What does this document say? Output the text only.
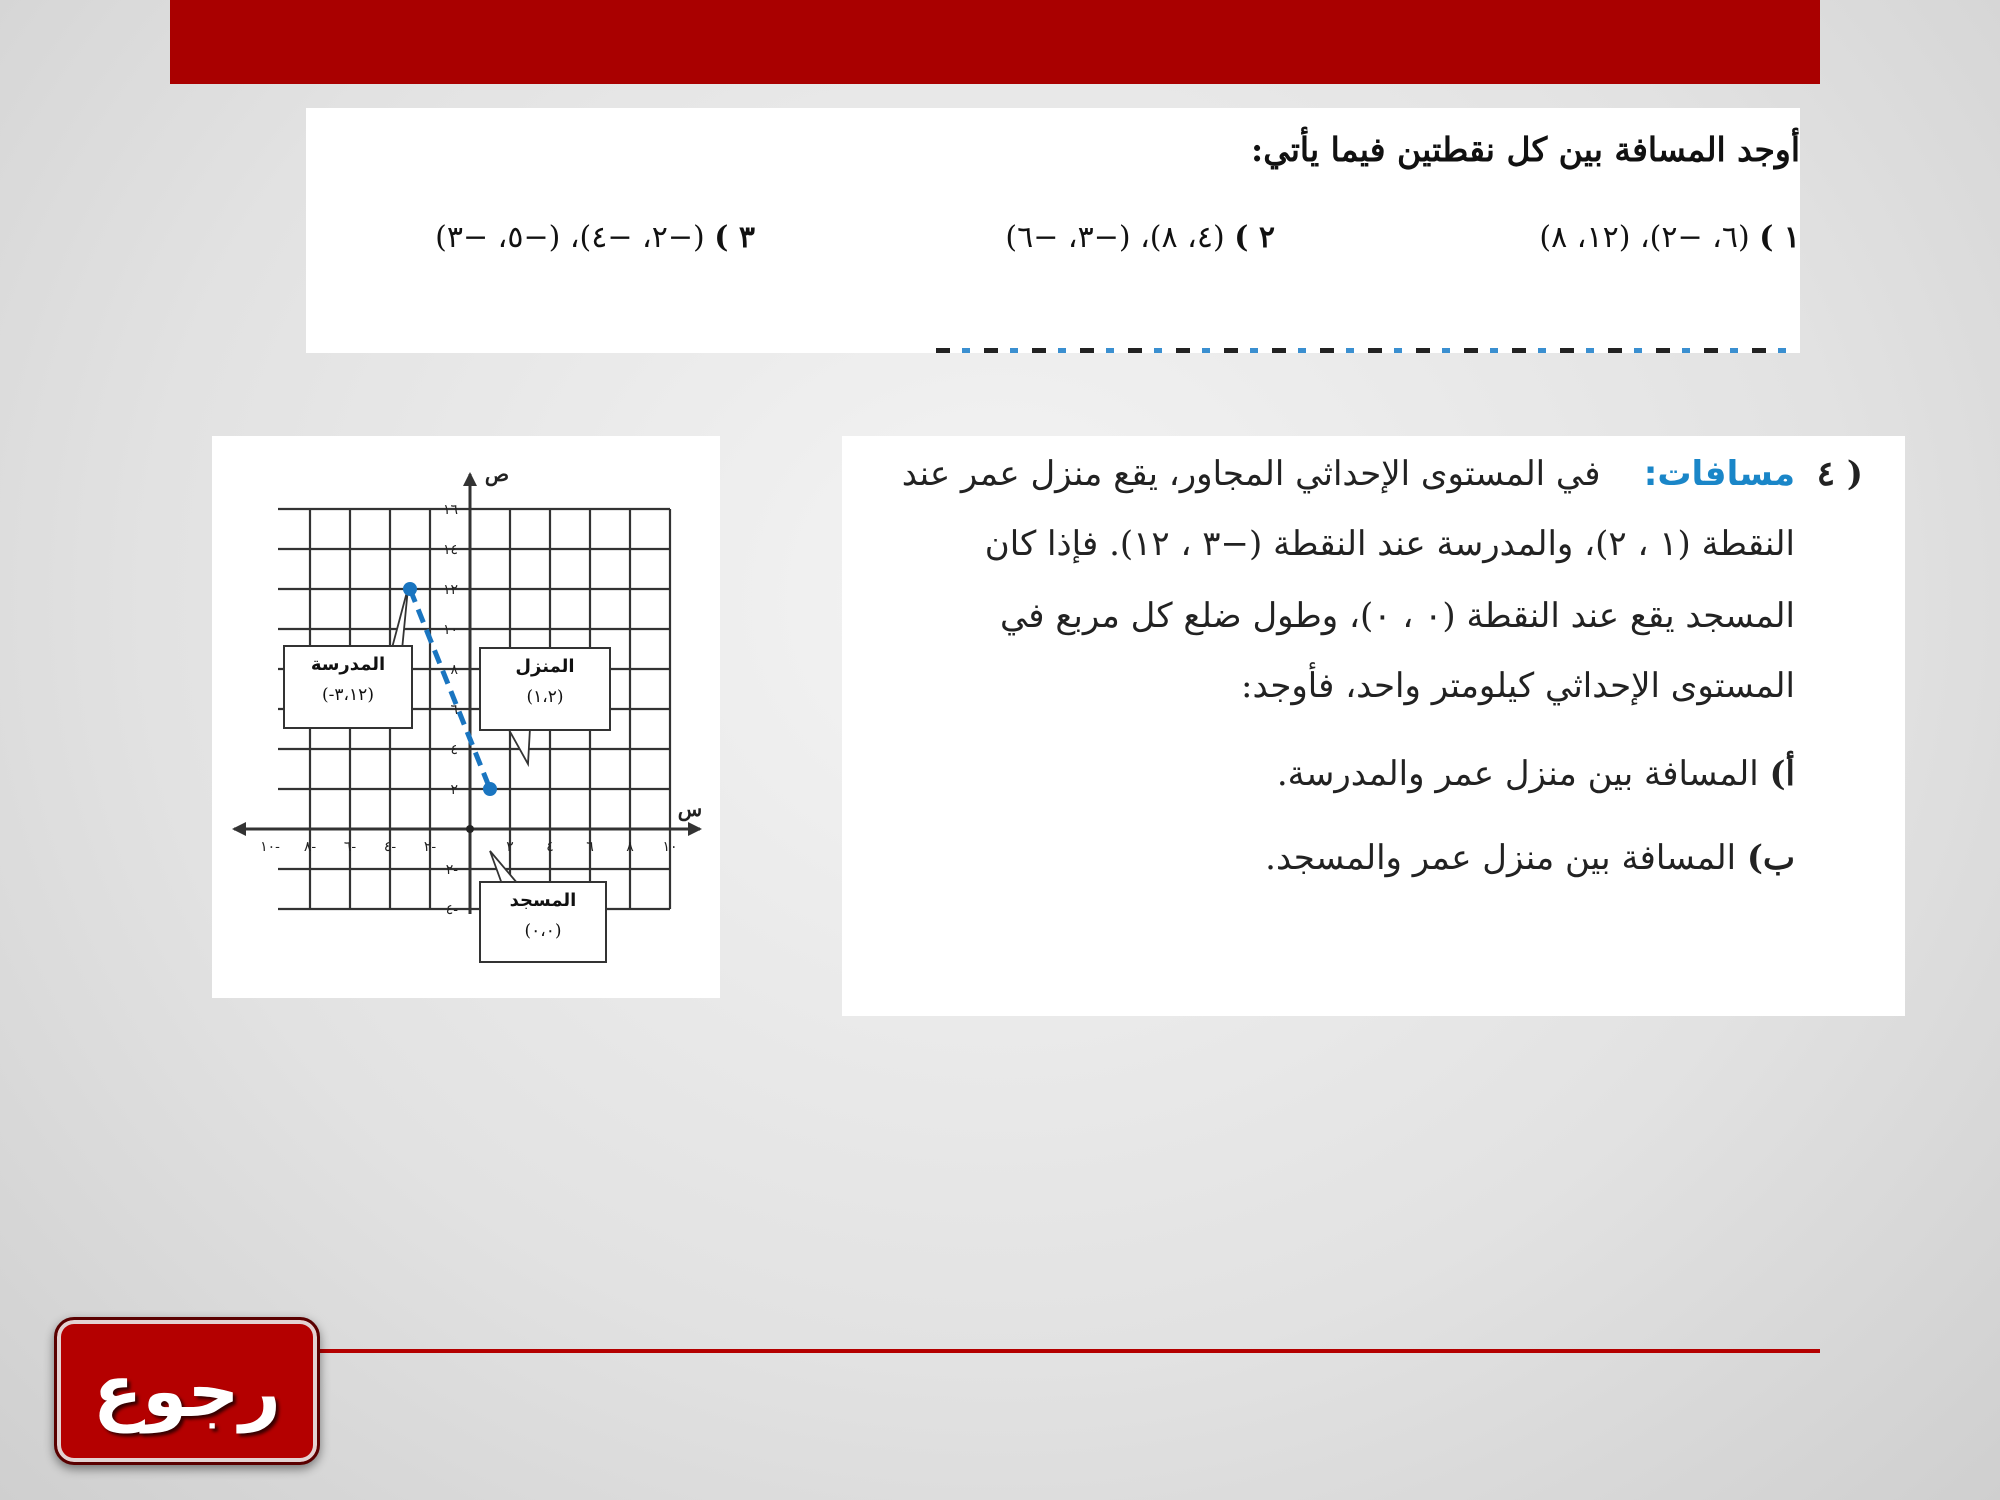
أوجد المسافة بين كل نقطتين فيما يأتي:
١ ) (٦، −٢)، (١٢، ٨)
٢ ) (٤، ٨)، (−٣، −٦)
٣ ) (−٢، −٤)، (−٥، −٣)
س
ص
١٠- ٨- ٦- ٤- ٢-	٢ ٤ ٦ ٨ ١٠
٢
٤
٦
٨
١٠
١٢
١٤
١٦
٢-
٤-
المدرسة
(-٣،١٢)
المنزل
(١،٢)
المسجد
(٠،٠)
٤ )
مسافات:    في المستوى الإحداثي المجاور، يقع منزل عمر عند
النقطة (١ ، ٢)، والمدرسة عند النقطة (−٣ ، ١٢). فإذا كان
المسجد يقع عند النقطة (٠ ، ٠)، وطول ضلع كل مربع في
المستوى الإحداثي كيلومتر واحد، فأوجد:
أ) المسافة بين منزل عمر والمدرسة.
ب) المسافة بين منزل عمر والمسجد.
رجوع
